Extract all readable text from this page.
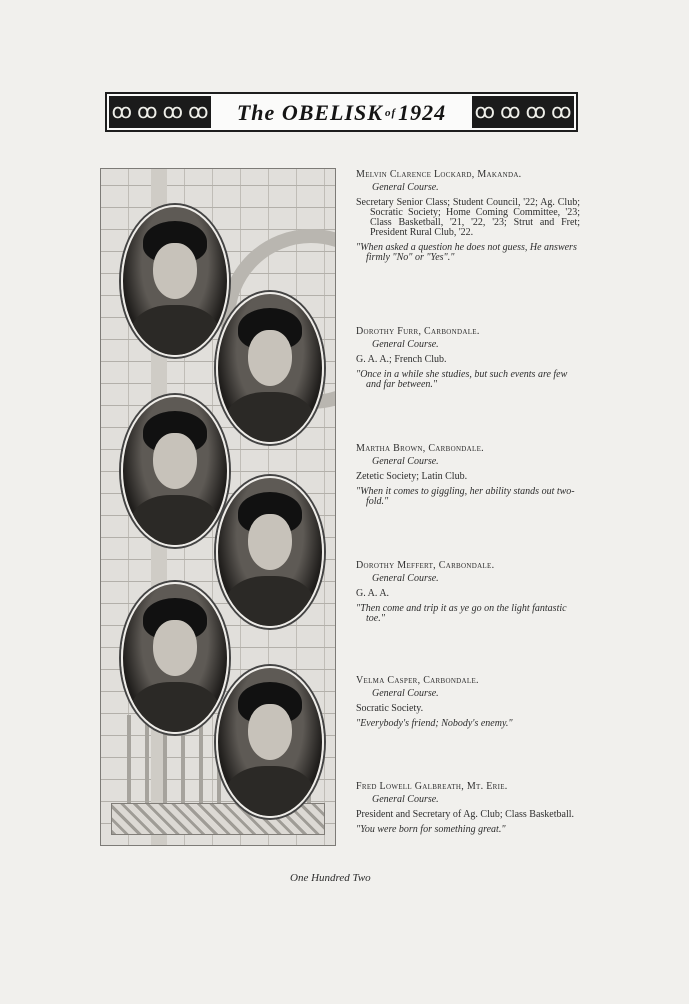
ꝏ ꝏ ꝏ ꝏ The
OBELISK of 1924 ꝏ ꝏ ꝏ ꝏ
Melvin Clarence Lockard, Makanda.
General Course.
Secretary Senior Class; Student Council, '22; Ag. Club; Socratic Society; Home Coming Committee, '23; Class Basketball, '21, '22, '23; Strut and Fret; President Rural Club, '22.
"When asked a question he does not guess, He answers firmly "No" or "Yes"."
Dorothy Furr, Carbondale.
General Course.
G. A. A.; French Club.
"Once in a while she studies, but such events are few and far between."
Martha Brown, Carbondale.
General Course.
Zetetic Society; Latin Club.
"When it comes to giggling, her ability stands out two-fold."
Dorothy Meffert, Carbondale.
General Course.
G. A. A.
"Then come and trip it as ye go on the light fantastic toe."
Velma Casper, Carbondale.
General Course.
Socratic Society.
"Everybody's friend; Nobody's enemy."
Fred Lowell Galbreath, Mt. Erie.
General Course.
President and Secretary of Ag. Club; Class Basketball.
"You were born for something great."
One Hundred Two
